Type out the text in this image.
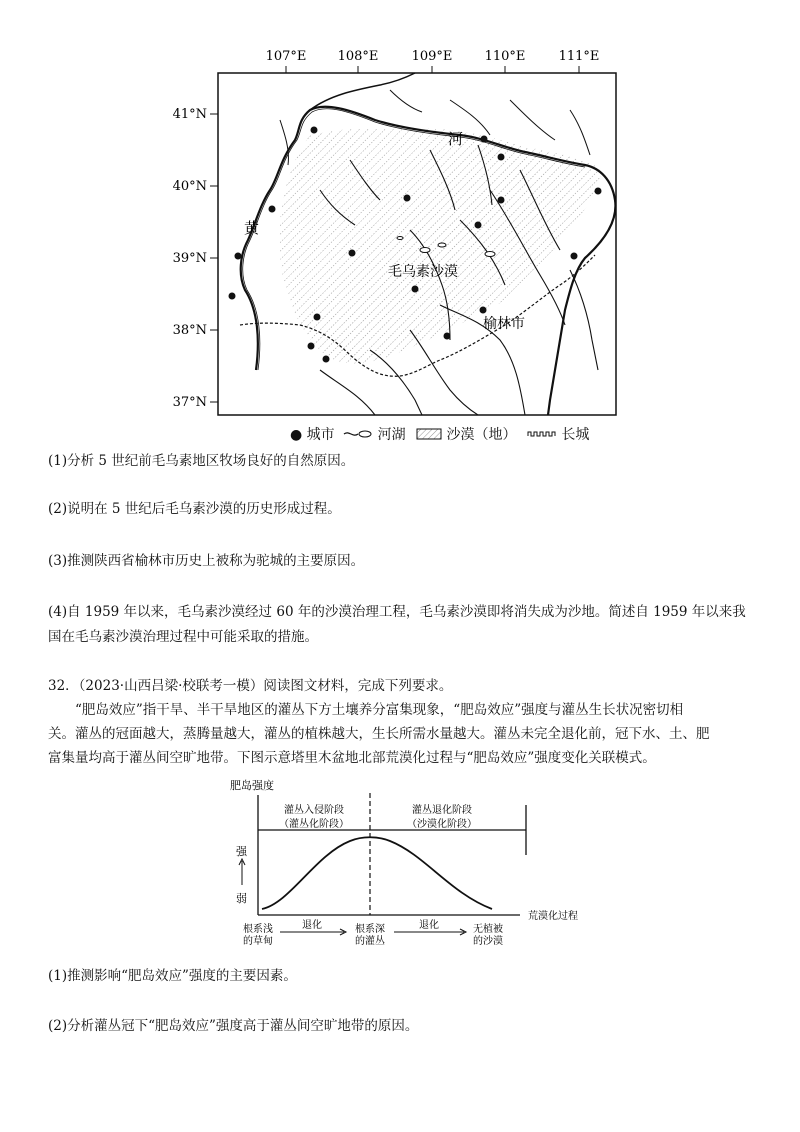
107°E 108°E	109°E 110°E	111°E
41°N
40°N
39°N
38°N
37°N
河
黄
毛乌素沙漠
榆林市
● 城市	河湖	沙漠（地）	长城
(1)分析 5 世纪前毛乌素地区牧场良好的自然原因。
(2)说明在 5 世纪后毛乌素沙漠的历史形成过程。
(3)推测陕西省榆林市历史上被称为驼城的主要原因。
(4)自 1959 年以来，毛乌素沙漠经过 60 年的沙漠治理工程，毛乌素沙漠即将消失成为沙地。简述自 1959 年以来我
国在毛乌素沙漠治理过程中可能采取的措施。
32．（2023·山西吕梁·校联考一模）阅读图文材料，完成下列要求。

“肥岛效应”指干旱、半干旱地区的灌丛下方土壤养分富集现象，“肥岛效应”强度与灌丛生长状况密切相

关。灌丛的冠面越大，蒸腾量越大，灌丛的植株越大，生长所需水量越大。灌丛未完全退化前，冠下水、土、肥
富集量均高于灌丛间空旷地带。下图示意塔里木盆地北部荒漠化过程与“肥岛效应”强度变化关联模式。
肥岛强度
强
弱
荒漠化过程
灌丛入侵阶段
（灌丛化阶段）
灌丛退化阶段
（沙漠化阶段）
根系浅
的草甸
根系深
的灌丛
无植被
的沙漠
退化	退化
(1)推测影响“肥岛效应”强度的主要因素。
(2)分析灌丛冠下“肥岛效应”强度高于灌丛间空旷地带的原因。
